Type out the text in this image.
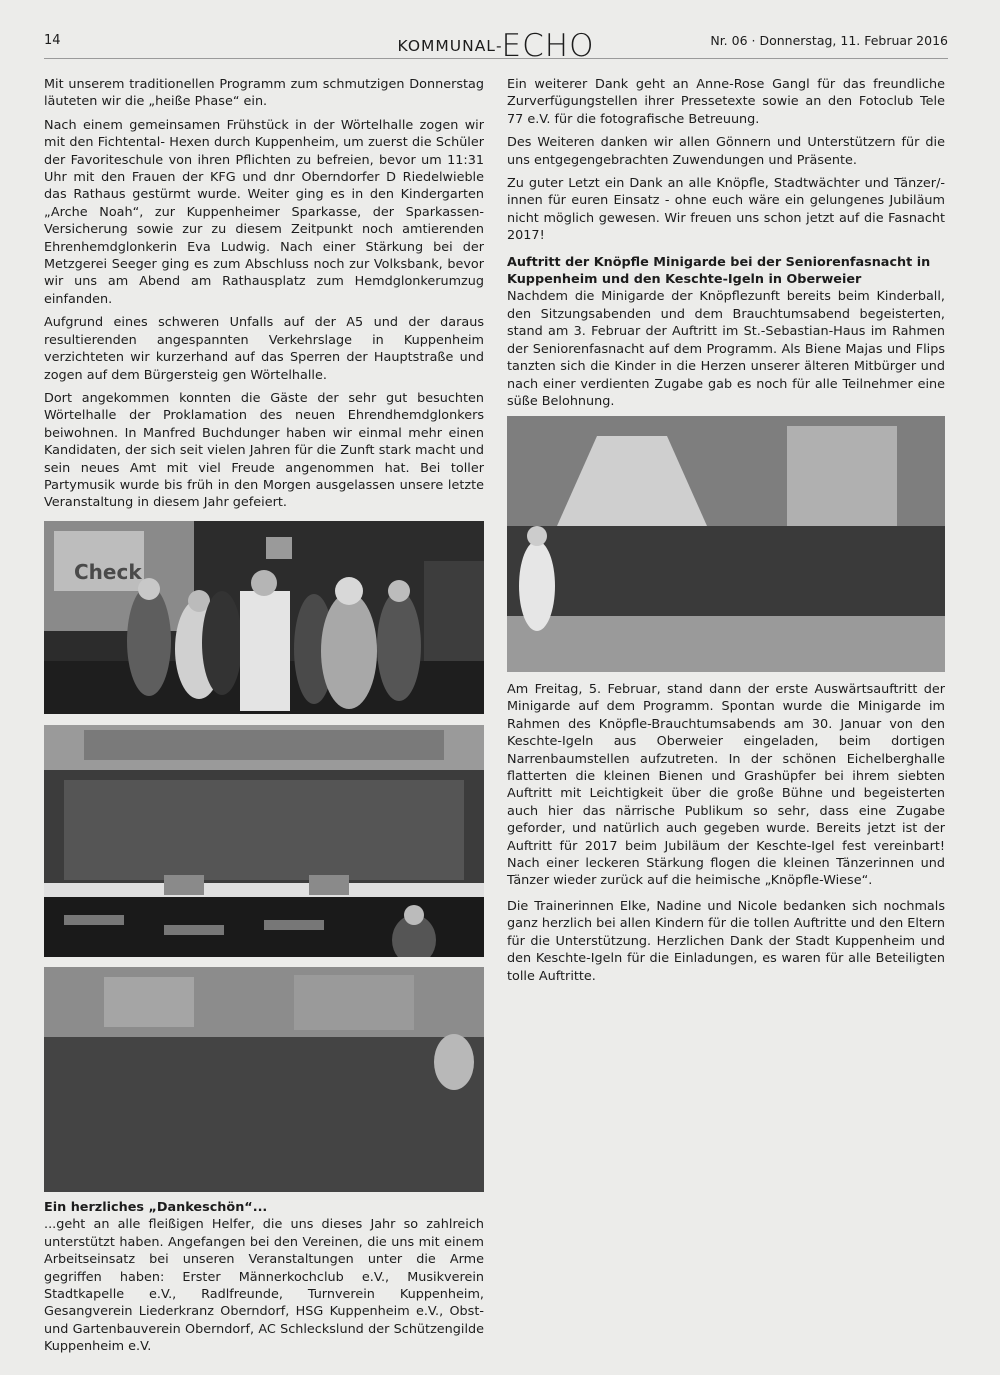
14	KOMMUNAL-ECHO	Nr. 06 · Donnerstag, 11. Februar 2016

Mit unserem traditionellen Programm zum schmutzigen Donnerstag läuteten wir die „heiße Phase“ ein.

Nach einem gemeinsamen Frühstück in der Wörtelhalle zogen wir mit den Fichtental- Hexen durch Kuppenheim, um zuerst die Schüler der Favoriteschule von ihren Pflichten zu befreien, bevor um 11:31 Uhr mit den Frauen der KFG und dnr Oberndorfer D Riedelwieble das Rathaus gestürmt wurde. Weiter ging es in den Kindergarten „Arche Noah“, zur Kuppenheimer Sparkasse, der Sparkassen-Versicherung sowie zur zu diesem Zeitpunkt noch amtierenden Ehrenhemdglonkerin Eva Ludwig. Nach einer Stärkung bei der Metzgerei Seeger ging es zum Abschluss noch zur Volksbank, bevor wir uns am Abend am Rathausplatz zum Hemdglonkerumzug einfanden.

Aufgrund eines schweren Unfalls auf der A5 und der daraus resultierenden angespannten Verkehrslage in Kuppenheim verzichteten wir kurzerhand auf das Sperren der Hauptstraße und zogen auf dem Bürgersteig gen Wörtelhalle.

Dort angekommen konnten die Gäste der sehr gut besuchten Wörtelhalle der Proklamation des neuen Ehrendhemdglonkers beiwohnen. In Manfred Buchdunger haben wir einmal mehr einen Kandidaten, der sich seit vielen Jahren für die Zunft stark macht und sein neues Amt mit viel Freude angenommen hat. Bei toller Partymusik wurde bis früh in den Morgen ausgelassen unsere letzte Veranstaltung in diesem Jahr gefeiert.

Check

Ein herzliches „Dankeschön“...

...geht an alle fleißigen Helfer, die uns dieses Jahr so zahlreich unterstützt haben. Angefangen bei den Vereinen, die uns mit einem Arbeitseinsatz bei unseren Veranstaltungen unter die Arme gegriffen haben: Erster Männerkochclub e.V., Musikverein Stadtkapelle e.V., Radlfreunde, Turnverein Kuppenheim, Gesangverein Liederkranz Oberndorf, HSG Kuppenheim e.V., Obst- und Gartenbauverein Oberndorf, AC Schleckslund der Schützengilde Kuppenheim e.V.

Ein weiterer Dank geht an Anne-Rose Gangl für das freundliche Zurverfügungstellen ihrer Pressetexte sowie an den Fotoclub Tele 77 e.V. für die fotografische Betreuung.

Des Weiteren danken wir allen Gönnern und Unterstützern für die uns entgegengebrachten Zuwendungen und Präsente.

Zu guter Letzt ein Dank an alle Knöpfle, Stadtwächter und Tänzer/-innen für euren Einsatz - ohne euch wäre ein gelungenes Jubiläum nicht möglich gewesen. Wir freuen uns schon jetzt auf die Fasnacht 2017!

Auftritt der Knöpfle Minigarde bei der Seniorenfasnacht in Kuppenheim und den Keschte-Igeln in Oberweier

Nachdem die Minigarde der Knöpflezunft bereits beim Kinderball, den Sitzungsabenden und dem Brauchtumsabend begeisterten, stand am 3. Februar der Auftritt im St.-Sebastian-Haus im Rahmen der Seniorenfasnacht auf dem Programm. Als Biene Majas und Flips tanzten sich die Kinder in die Herzen unserer älteren Mitbürger und nach einer verdienten Zugabe gab es noch für alle Teilnehmer eine süße Belohnung.

Am Freitag, 5. Februar, stand dann der erste Auswärtsauftritt der Minigarde auf dem Programm. Spontan wurde die Minigarde im Rahmen des Knöpfle-Brauchtumsabends am 30. Januar von den Keschte-Igeln aus Oberweier eingeladen, beim dortigen Narrenbaumstellen aufzutreten. In der schönen Eichelberghalle flatterten die kleinen Bienen und Grashüpfer bei ihrem siebten Auftritt mit Leichtigkeit über die große Bühne und begeisterten auch hier das närrische Publikum so sehr, dass eine Zugabe geforder, und natürlich auch gegeben wurde. Bereits jetzt ist der Auftritt für 2017 beim Jubiläum der Keschte-Igel fest vereinbart! Nach einer leckeren Stärkung flogen die kleinen Tänzerinnen und Tänzer wieder zurück auf die heimische „Knöpfle-Wiese“.

Die Trainerinnen Elke, Nadine und Nicole bedanken sich nochmals ganz herzlich bei allen Kindern für die tollen Auftritte und den Eltern für die Unterstützung. Herzlichen Dank der Stadt Kuppenheim und den Keschte-Igeln für die Einladungen, es waren für alle Beteiligten tolle Auftritte.
